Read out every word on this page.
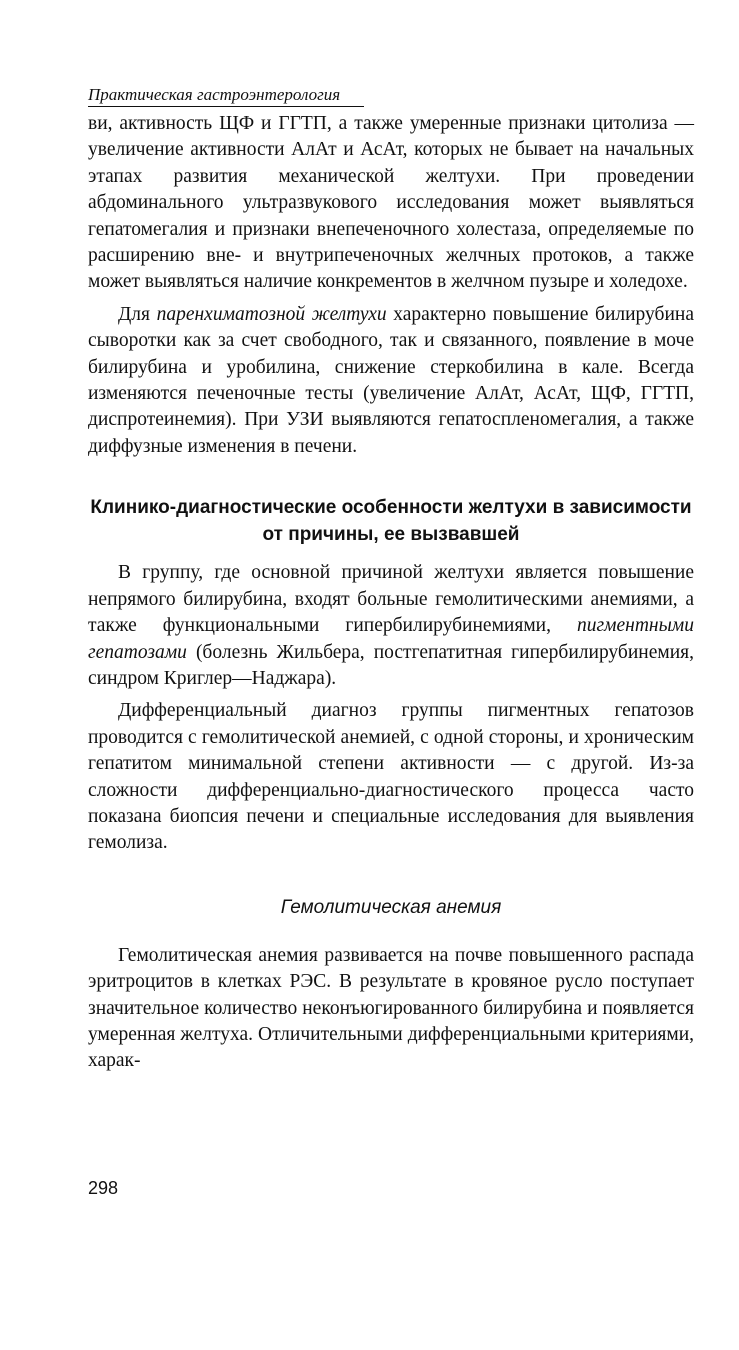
Практическая гастроэнтерология

ви, активность ЩФ и ГГТП, а также умеренные признаки цитолиза — увеличение активности АлАт и АсАт, которых не бывает на начальных этапах развития механической желтухи. При проведении абдоминального ультразвукового исследования может выявляться гепатомегалия и признаки внепеченочного холестаза, определяемые по расширению вне- и внутрипеченочных желчных протоков, а также может выявляться наличие конкрементов в желчном пузыре и холедохе.

Для паренхиматозной желтухи характерно повышение билирубина сыворотки как за счет свободного, так и связанного, появление в моче билирубина и уробилина, снижение стеркобилина в кале. Всегда изменяются печеночные тесты (увеличение АлАт, АсАт, ЩФ, ГГТП, диспротеинемия). При УЗИ выявляются гепатоспленомегалия, а также диффузные изменения в печени.

Клинико-диагностические особенности желтухи в зависимости от причины, ее вызвавшей

В группу, где основной причиной желтухи является повышение непрямого билирубина, входят больные гемолитическими анемиями, а также функциональными гипербилирубинемиями, пигментными гепатозами (болезнь Жильбера, постгепатитная гипербилирубинемия, синдром Криглер—Наджара).

Дифференциальный диагноз группы пигментных гепатозов проводится с гемолитической анемией, с одной стороны, и хроническим гепатитом минимальной степени активности — с другой. Из-за сложности дифференциально-диагностического процесса часто показана биопсия печени и специальные исследования для выявления гемолиза.

Гемолитическая анемия

Гемолитическая анемия развивается на почве повышенного распада эритроцитов в клетках РЭС. В результате в кровяное русло поступает значительное количество неконъюгированного билирубина и появляется умеренная желтуха. Отличительными дифференциальными критериями, харак-

298
